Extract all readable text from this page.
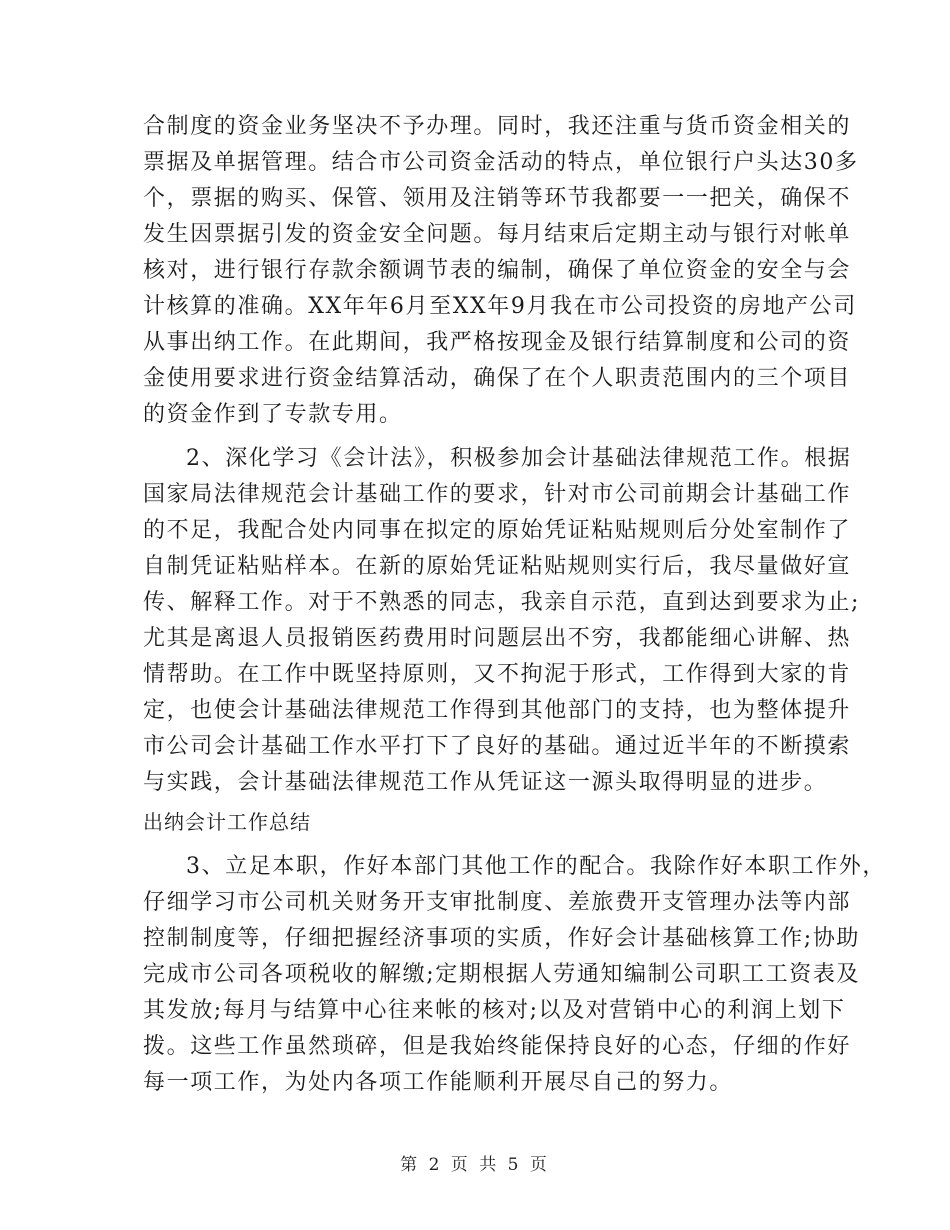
合制度的资金业务坚决不予办理。同时，我还注重与货币资金相关的
票据及单据管理。结合市公司资金活动的特点，单位银行户头达30多
个，票据的购买、保管、领用及注销等环节我都要一一把关，确保不
发生因票据引发的资金安全问题。每月结束后定期主动与银行对帐单
核对，进行银行存款余额调节表的编制，确保了单位资金的安全与会
计核算的准确。XX年年6月至XX年9月我在市公司投资的房地产公司
从事出纳工作。在此期间，我严格按现金及银行结算制度和公司的资
金使用要求进行资金结算活动，确保了在个人职责范围内的三个项目
的资金作到了专款专用。
2、深化学习《会计法》，积极参加会计基础法律规范工作。根据
国家局法律规范会计基础工作的要求，针对市公司前期会计基础工作
的不足，我配合处内同事在拟定的原始凭证粘贴规则后分处室制作了
自制凭证粘贴样本。在新的原始凭证粘贴规则实行后，我尽量做好宣
传、解释工作。对于不熟悉的同志，我亲自示范，直到达到要求为止;
尤其是离退人员报销医药费用时问题层出不穷，我都能细心讲解、热
情帮助。在工作中既坚持原则，又不拘泥于形式，工作得到大家的肯
定，也使会计基础法律规范工作得到其他部门的支持，也为整体提升
市公司会计基础工作水平打下了良好的基础。通过近半年的不断摸索
与实践，会计基础法律规范工作从凭证这一源头取得明显的进步。
出纳会计工作总结
3、立足本职，作好本部门其他工作的配合。我除作好本职工作外，
仔细学习市公司机关财务开支审批制度、差旅费开支管理办法等内部
控制制度等，仔细把握经济事项的实质，作好会计基础核算工作;协助
完成市公司各项税收的解缴;定期根据人劳通知编制公司职工工资表及
其发放;每月与结算中心往来帐的核对;以及对营销中心的利润上划下
拨。这些工作虽然琐碎，但是我始终能保持良好的心态，仔细的作好
每一项工作，为处内各项工作能顺利开展尽自己的努力。
第 2 页 共 5 页
